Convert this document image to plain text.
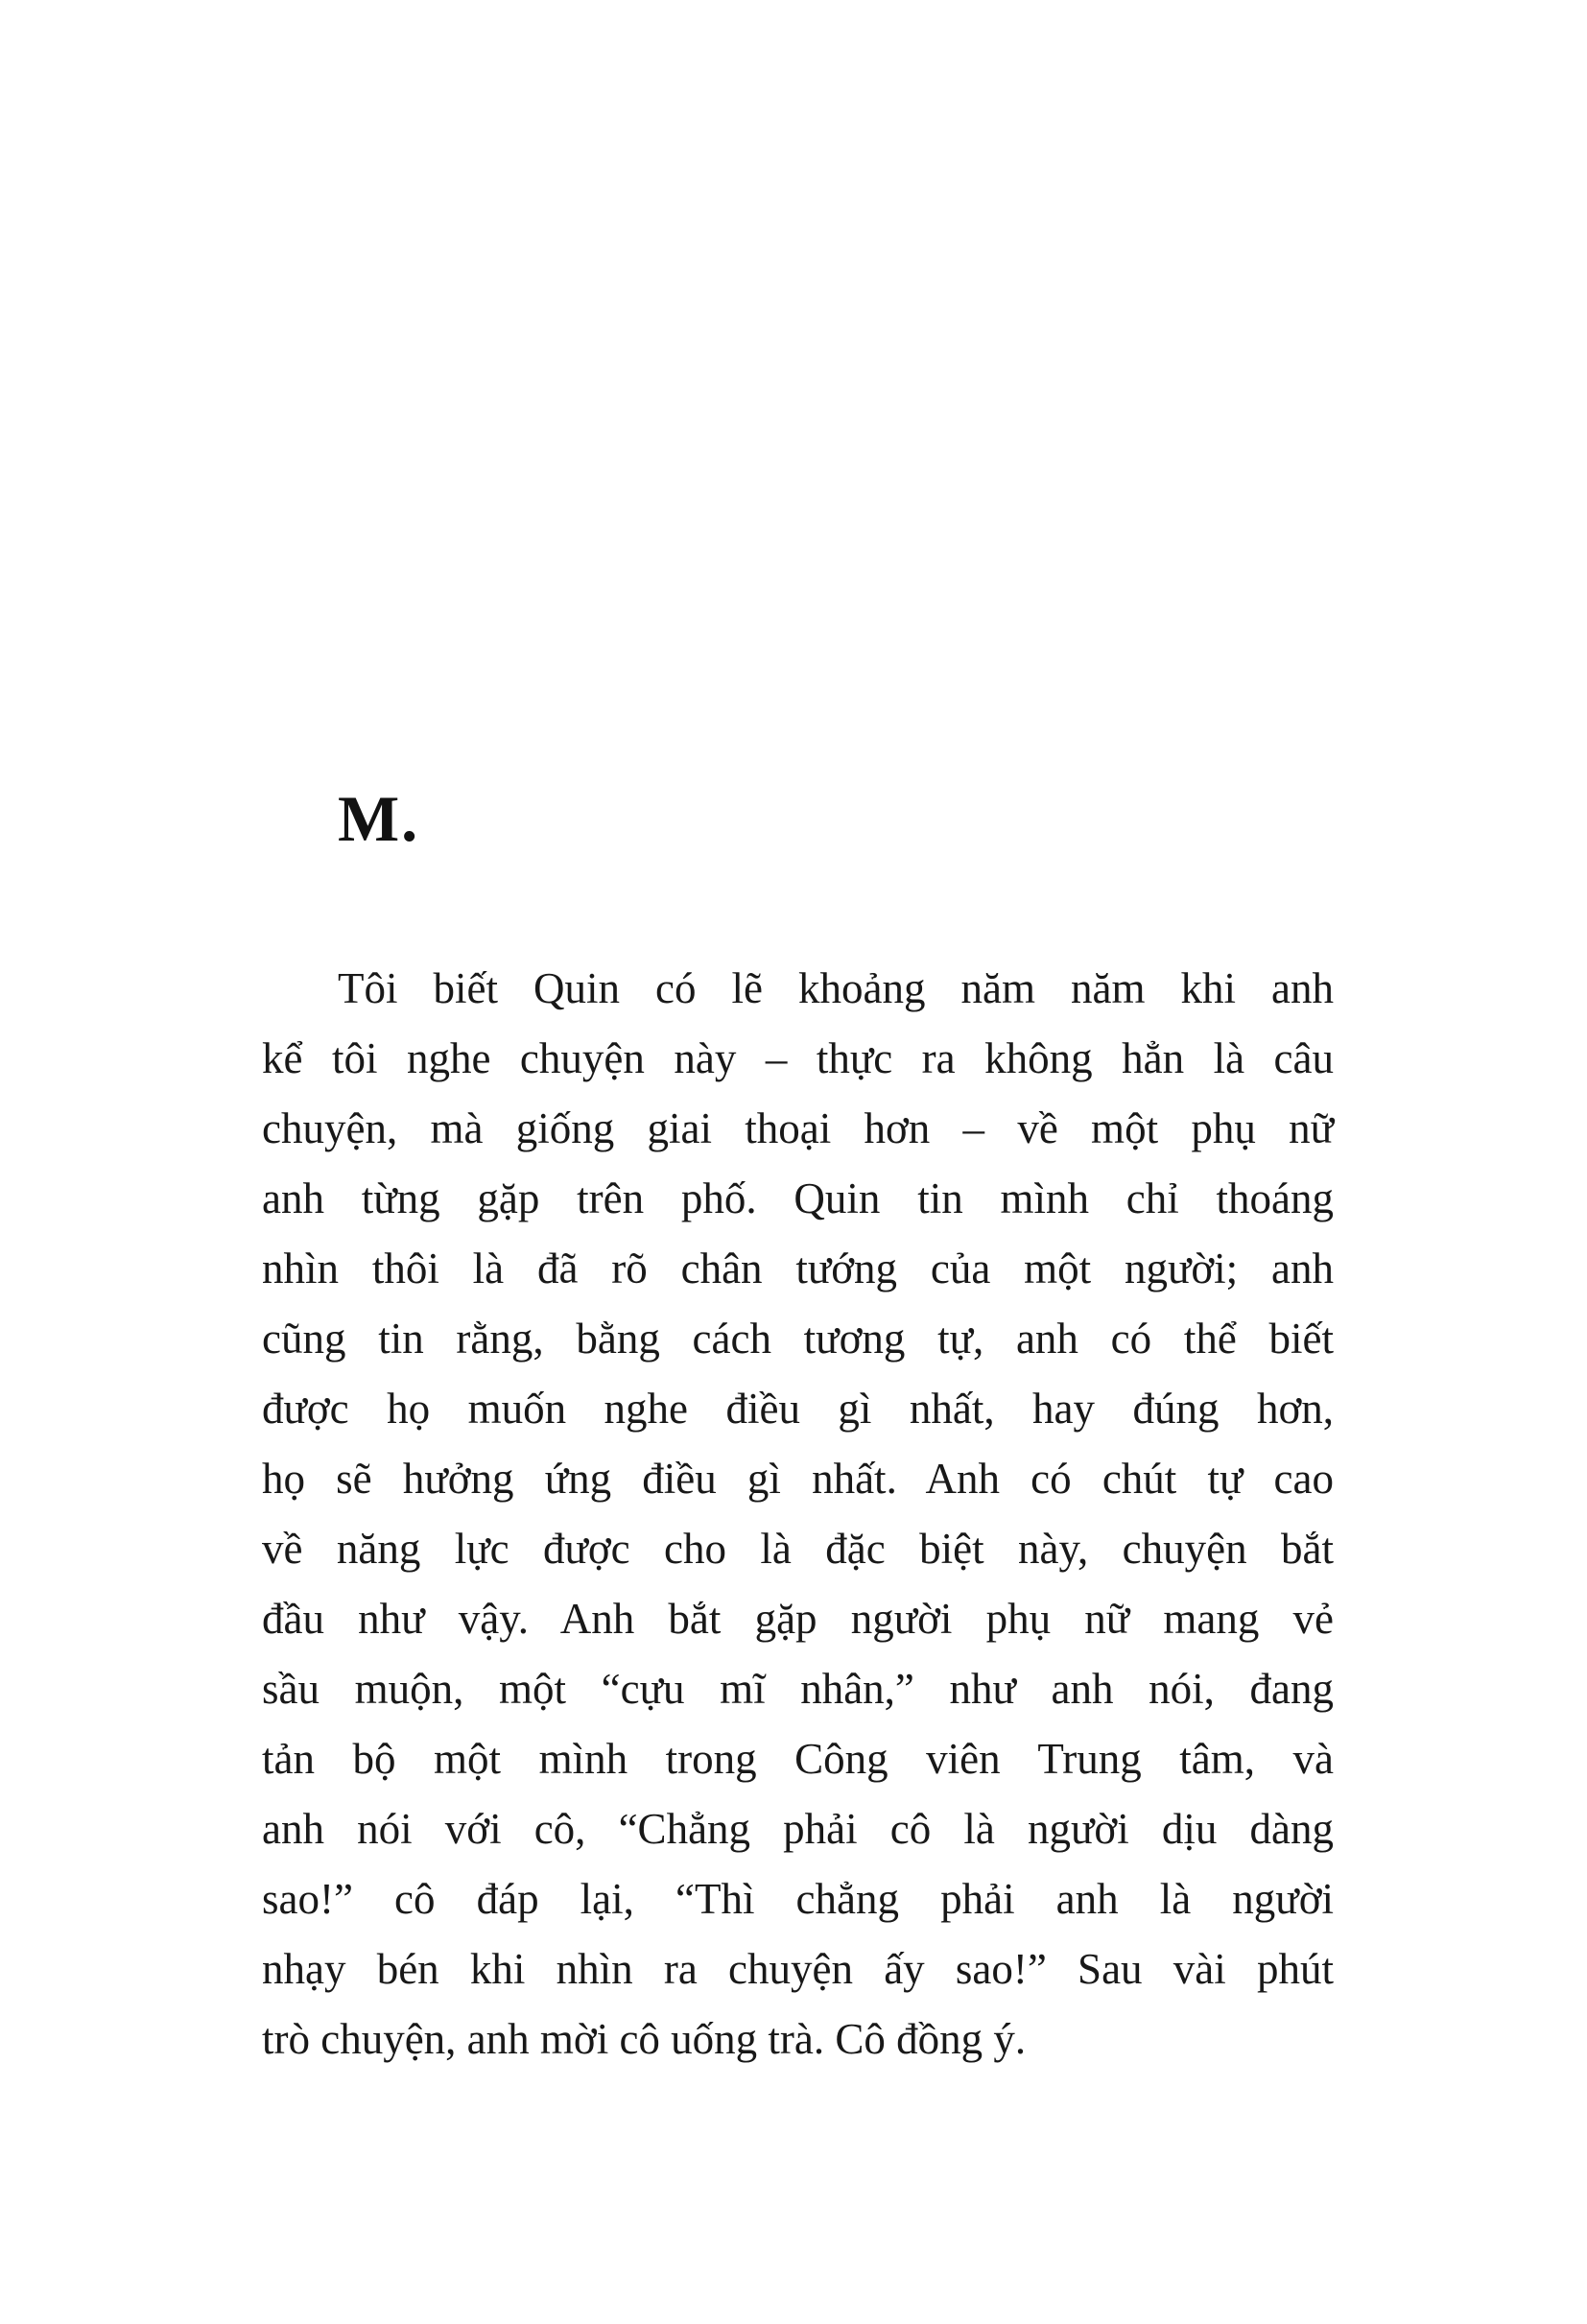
M.
Tôi biết Quin có lẽ khoảng năm năm khi anh
kể tôi nghe chuyện này – thực ra không hẳn là câu
chuyện, mà giống giai thoại hơn – về một phụ nữ
anh từng gặp trên phố. Quin tin mình chỉ thoáng
nhìn thôi là đã rõ chân tướng của một người; anh
cũng tin rằng, bằng cách tương tự, anh có thể biết
được họ muốn nghe điều gì nhất, hay đúng hơn,
họ sẽ hưởng ứng điều gì nhất. Anh có chút tự cao
về năng lực được cho là đặc biệt này, chuyện bắt
đầu như vậy. Anh bắt gặp người phụ nữ mang vẻ
sầu muộn, một “cựu mĩ nhân,” như anh nói, đang
tản bộ một mình trong Công viên Trung tâm, và
anh nói với cô, “Chẳng phải cô là người dịu dàng
sao!” cô đáp lại, “Thì chẳng phải anh là người
nhạy bén khi nhìn ra chuyện ấy sao!” Sau vài phút
trò chuyện, anh mời cô uống trà. Cô đồng ý.
